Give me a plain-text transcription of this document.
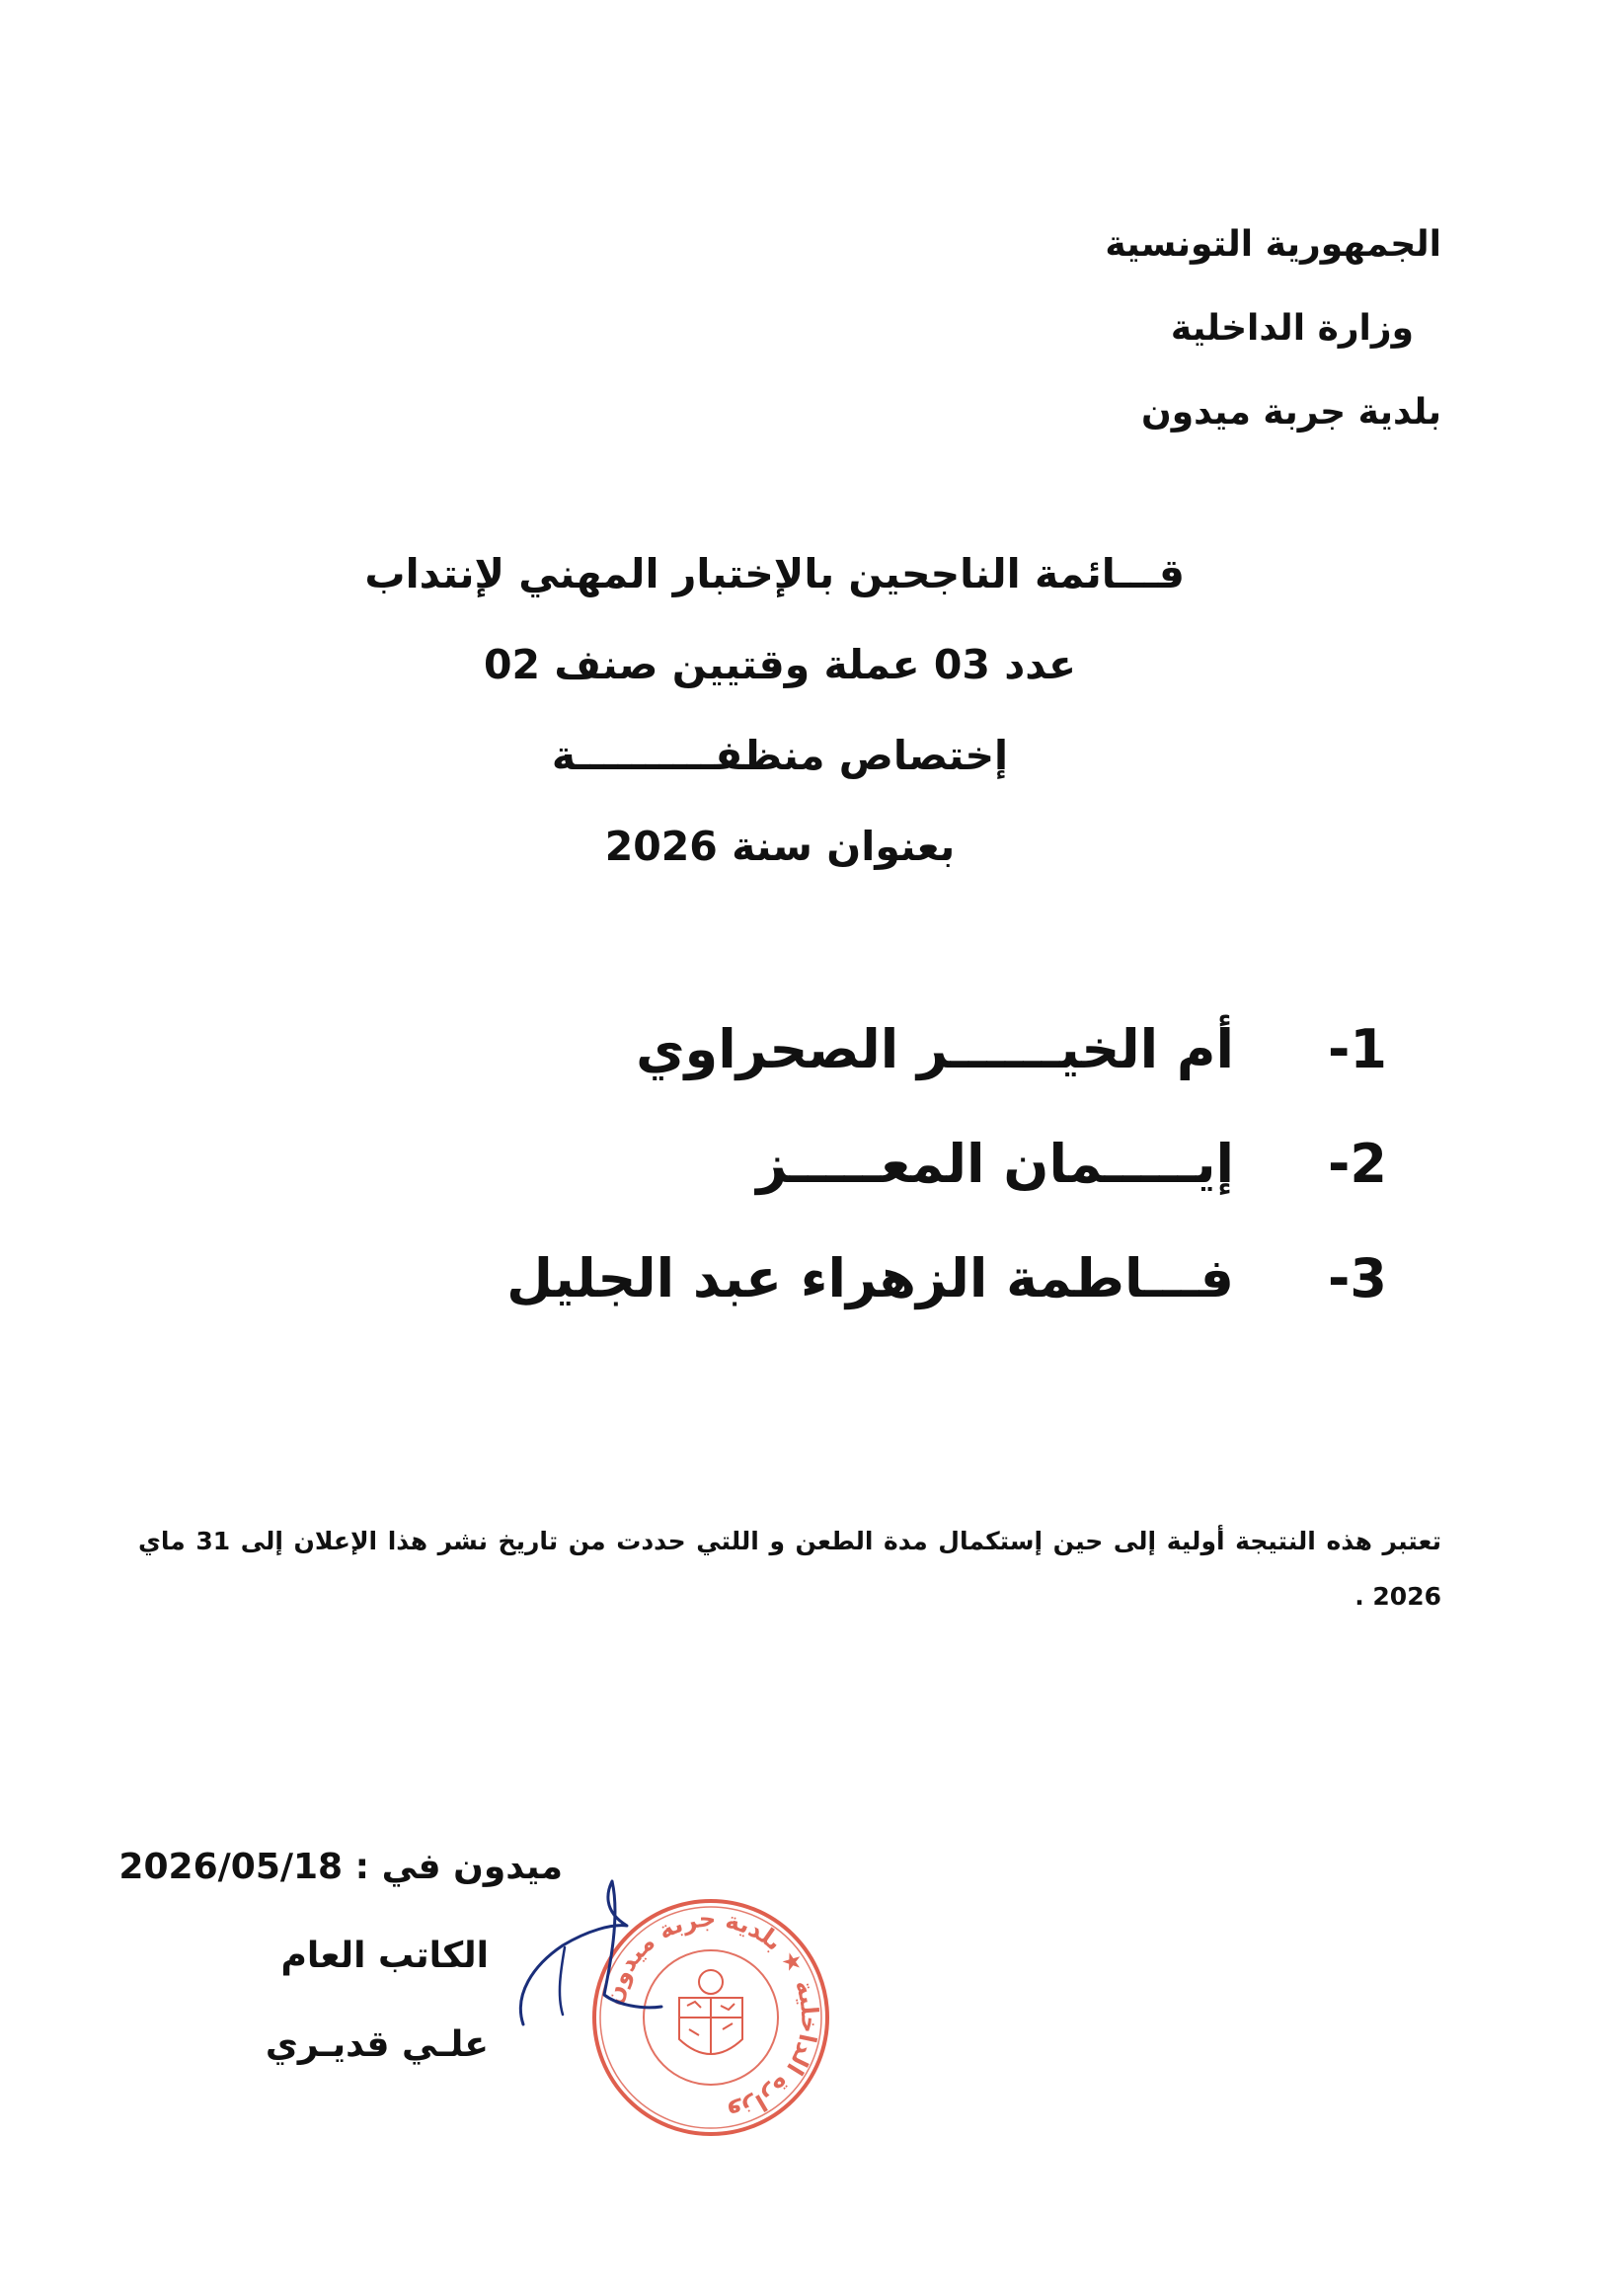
الجمهورية التونسية
وزارة الداخلية
بلدية جربة ميدون
قـــائمة الناجحين بالإختبار المهني لإنتداب
عدد 03 عملة وقتيين صنف 02
إختصاص منظفــــــــــة
بعنوان سنة 2026
-1
أم الخيــــــر الصحراوي
-2
إيـــــمان المعـــــز
-3
فـــاطمة الزهراء عبد الجليل

تعتبر هذه النتيجة أولية إلى حين إستكمال مدة الطعن و اللتي حددت من تاريخ نشر هذا الإعلان إلى 31 ماي 2026 .

ميدون في : 2026/05/18
الكاتب العام
علـي قديـري
وزارة الداخلية ★ بلدية جربة ميدون
